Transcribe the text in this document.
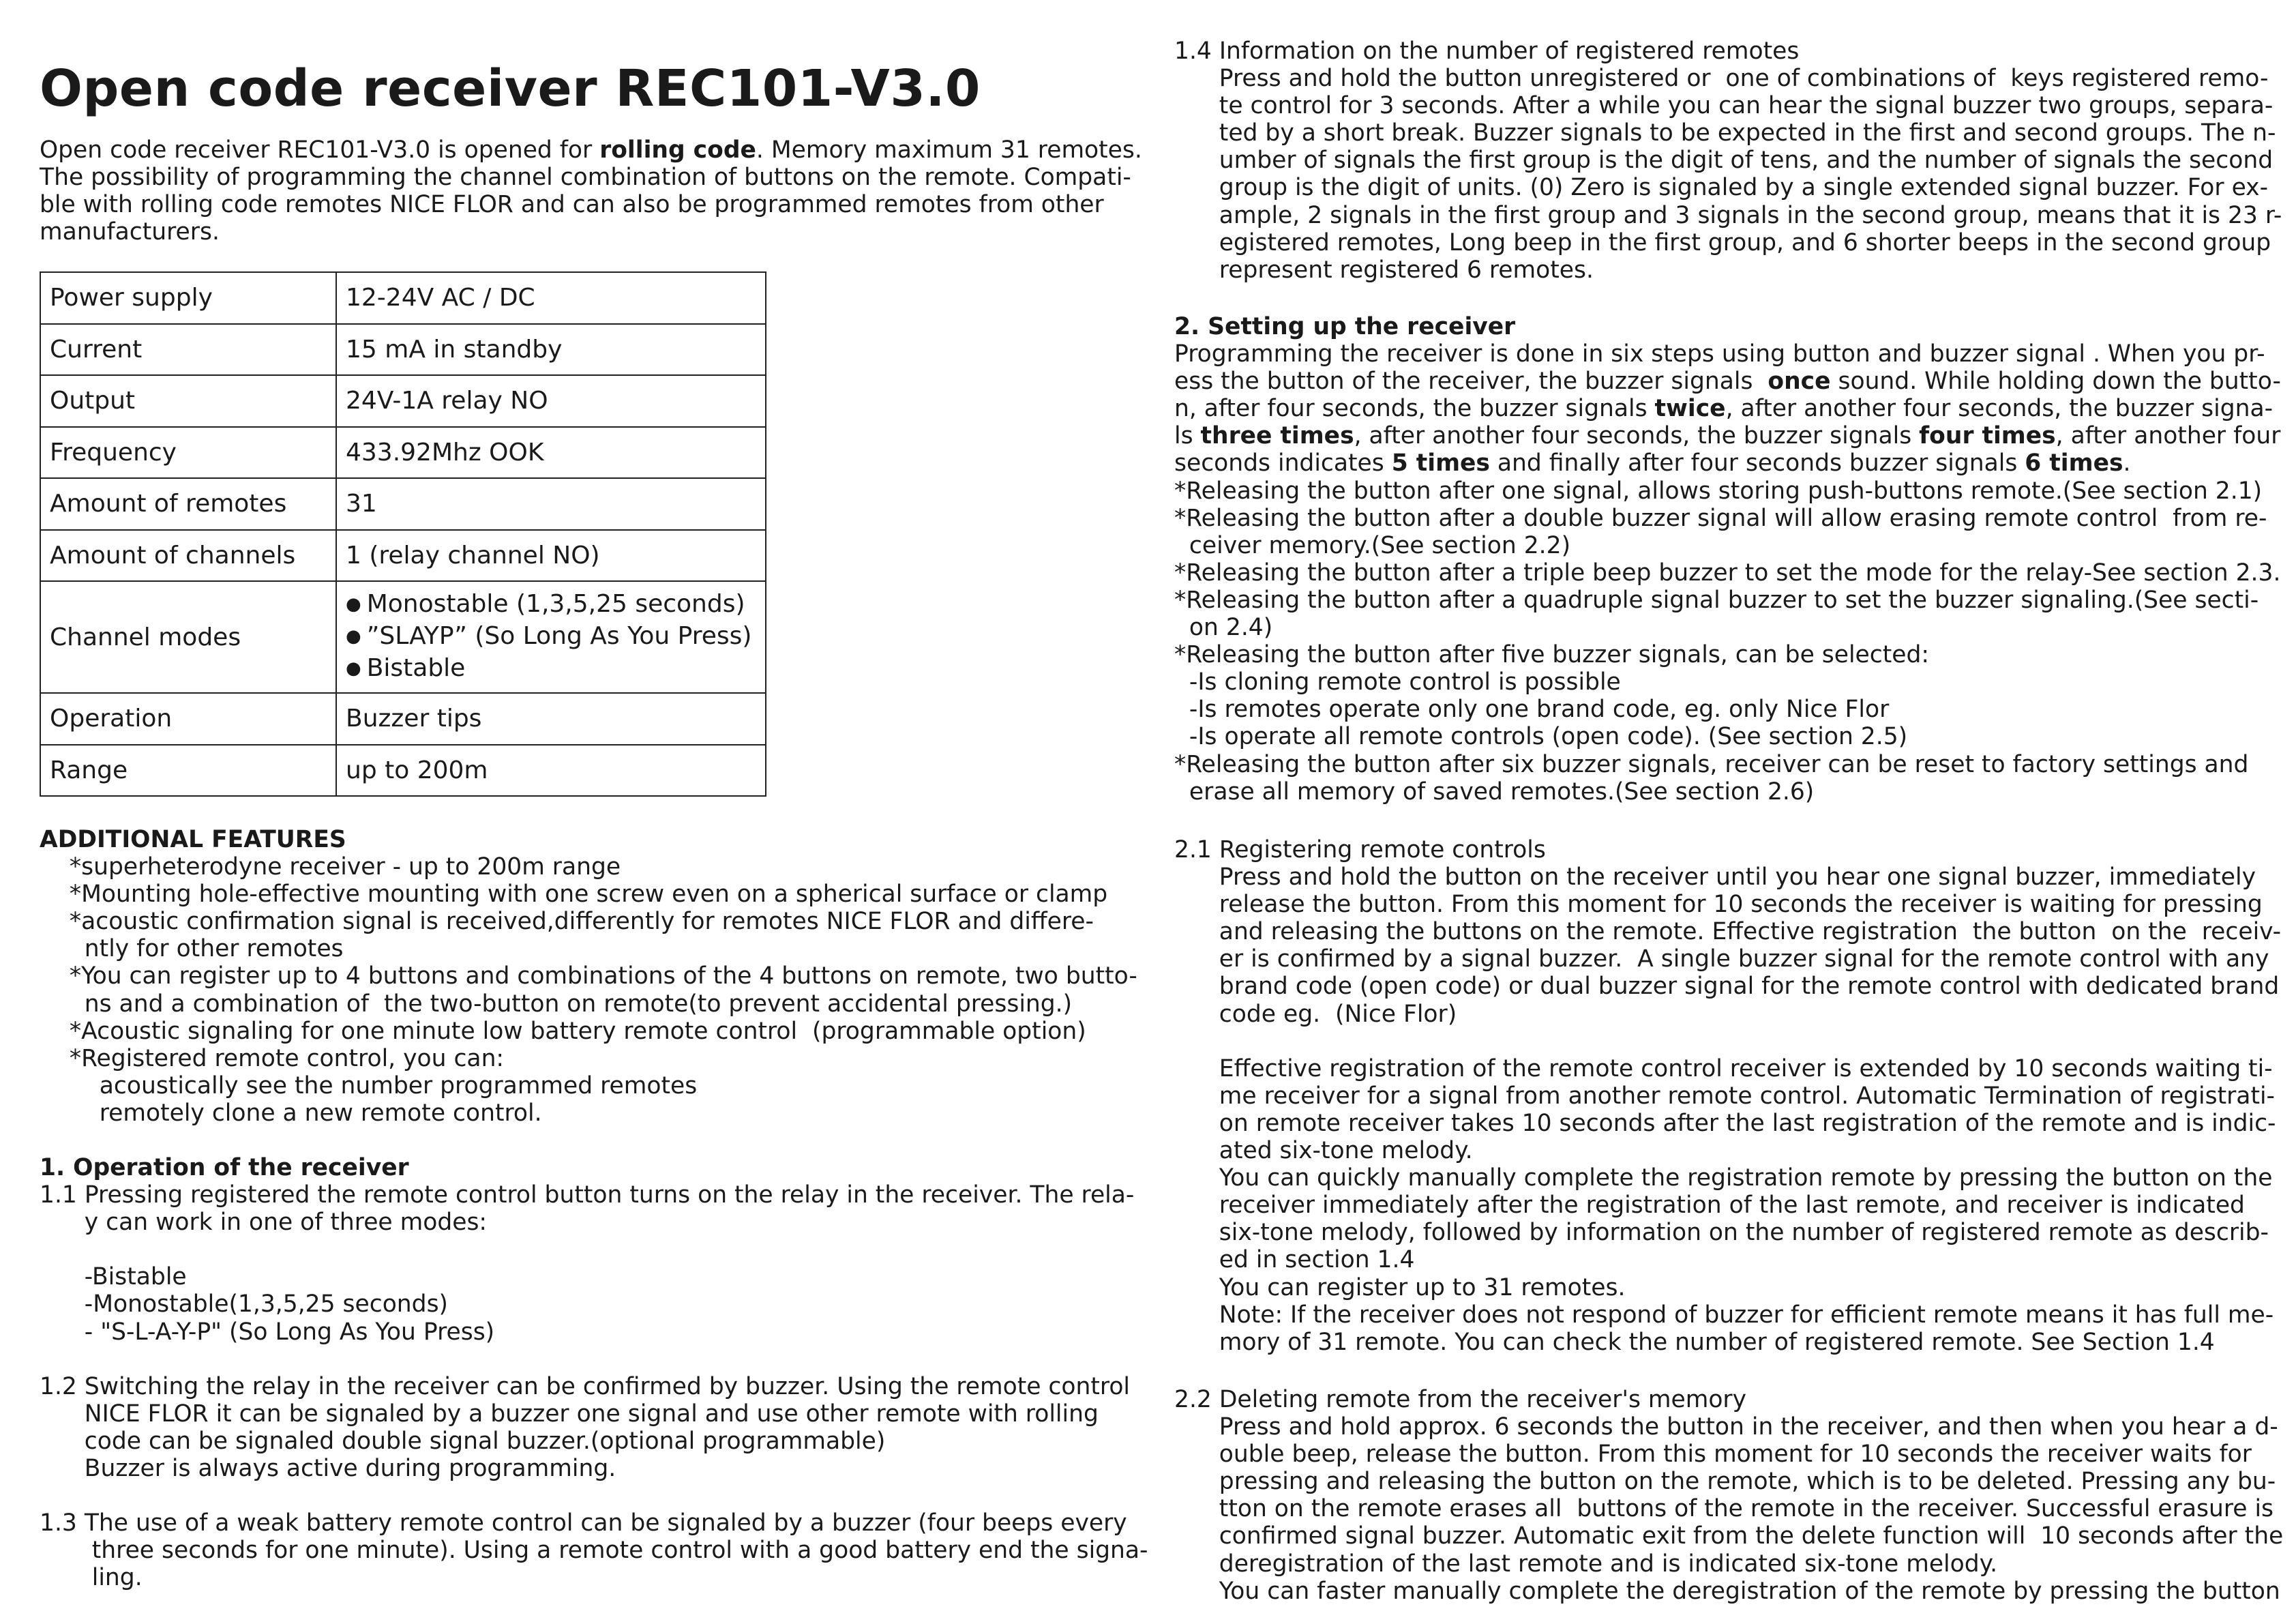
Open code receiver REC101-V3.0
Open code receiver REC101-V3.0 is opened for rolling code. Memory maximum 31 remotes.
The possibility of programming the channel combination of buttons on the remote. Compati-
ble with rolling code remotes NICE FLOR and can also be programmed remotes from other
manufacturers.
Power supply	12-24V AC / DC
Current	15 mA in standby
Output	24V-1A relay NO
Frequency	433.92Mhz OOK
Amount of remotes	31
Amount of channels	1 (relay channel NO)
Channel modes	● Monostable (1,3,5,25 seconds)
● ”SLAYP” (So Long As You Press)
● Bistable

Operation	Buzzer tips
Range	up to 200m
ADDITIONAL FEATURES
*superheterodyne receiver - up to 200m range
*Mounting hole-effective mounting with one screw even on a spherical surface or clamp
*acoustic confirmation signal is received,differently for remotes NICE FLOR and differe-
ntly for other remotes
*You can register up to 4 buttons and combinations of the 4 buttons on remote, two butto-
ns and a combination of  the two-button on remote(to prevent accidental pressing.)
*Acoustic signaling for one minute low battery remote control  (programmable option)
*Registered remote control, you can:
acoustically see the number programmed remotes
remotely clone a new remote control.
1. Operation of the receiver
1.1 Pressing registered the remote control button turns on the relay in the receiver. The rela-
y can work in one of three modes:
-Bistable
-Monostable(1,3,5,25 seconds)
- "S-L-A-Y-P" (So Long As You Press)
1.2 Switching the relay in the receiver can be confirmed by buzzer. Using the remote control
NICE FLOR it can be signaled by a buzzer one signal and use other remote with rolling
code can be signaled double signal buzzer.(optional programmable)
Buzzer is always active during programming.
1.3 The use of a weak battery remote control can be signaled by a buzzer (four beeps every
three seconds for one minute). Using a remote control with a good battery end the signa-
ling.
1.4 Information on the number of registered remotes
Press and hold the button unregistered or  one of combinations of  keys registered remo-
te control for 3 seconds. After a while you can hear the signal buzzer two groups, separa-
ted by a short break. Buzzer signals to be expected in the first and second groups. The n-
umber of signals the first group is the digit of tens, and the number of signals the second
group is the digit of units. (0) Zero is signaled by a single extended signal buzzer. For ex-
ample, 2 signals in the first group and 3 signals in the second group, means that it is 23 r-
egistered remotes, Long beep in the first group, and 6 shorter beeps in the second group
represent registered 6 remotes.
2. Setting up the receiver
Programming the receiver is done in six steps using button and buzzer signal . When you pr-
ess the button of the receiver, the buzzer signals  once sound. While holding down the butto-
n, after four seconds, the buzzer signals twice, after another four seconds, the buzzer signa-
ls three times, after another four seconds, the buzzer signals four times, after another four
seconds indicates 5 times and finally after four seconds buzzer signals 6 times.
*Releasing the button after one signal, allows storing push-buttons remote.(See section 2.1)
*Releasing the button after a double buzzer signal will allow erasing remote control  from re-
ceiver memory.(See section 2.2)
*Releasing the button after a triple beep buzzer to set the mode for the relay-See section 2.3.
*Releasing the button after a quadruple signal buzzer to set the buzzer signaling.(See secti-
on 2.4)
*Releasing the button after five buzzer signals, can be selected:
-Is cloning remote control is possible
-Is remotes operate only one brand code, eg. only Nice Flor
-Is operate all remote controls (open code). (See section 2.5)
*Releasing the button after six buzzer signals, receiver can be reset to factory settings and
erase all memory of saved remotes.(See section 2.6)
2.1 Registering remote controls
Press and hold the button on the receiver until you hear one signal buzzer, immediately
release the button. From this moment for 10 seconds the receiver is waiting for pressing
and releasing the buttons on the remote. Effective registration  the button  on the  receiv-
er is confirmed by a signal buzzer.  A single buzzer signal for the remote control with any
brand code (open code) or dual buzzer signal for the remote control with dedicated brand
code eg.  (Nice Flor)
Effective registration of the remote control receiver is extended by 10 seconds waiting ti-
me receiver for a signal from another remote control. Automatic Termination of registrati-
on remote receiver takes 10 seconds after the last registration of the remote and is indic-
ated six-tone melody.
You can quickly manually complete the registration remote by pressing the button on the
receiver immediately after the registration of the last remote, and receiver is indicated
six-tone melody, followed by information on the number of registered remote as describ-
ed in section 1.4
You can register up to 31 remotes.
Note: If the receiver does not respond of buzzer for efficient remote means it has full me-
mory of 31 remote. You can check the number of registered remote. See Section 1.4
2.2 Deleting remote from the receiver's memory
Press and hold approx. 6 seconds the button in the receiver, and then when you hear a d-
ouble beep, release the button. From this moment for 10 seconds the receiver waits for
pressing and releasing the button on the remote, which is to be deleted. Pressing any bu-
tton on the remote erases all  buttons of the remote in the receiver. Successful erasure is
confirmed signal buzzer. Automatic exit from the delete function will  10 seconds after the
deregistration of the last remote and is indicated six-tone melody.
You can faster manually complete the deregistration of the remote by pressing the button
